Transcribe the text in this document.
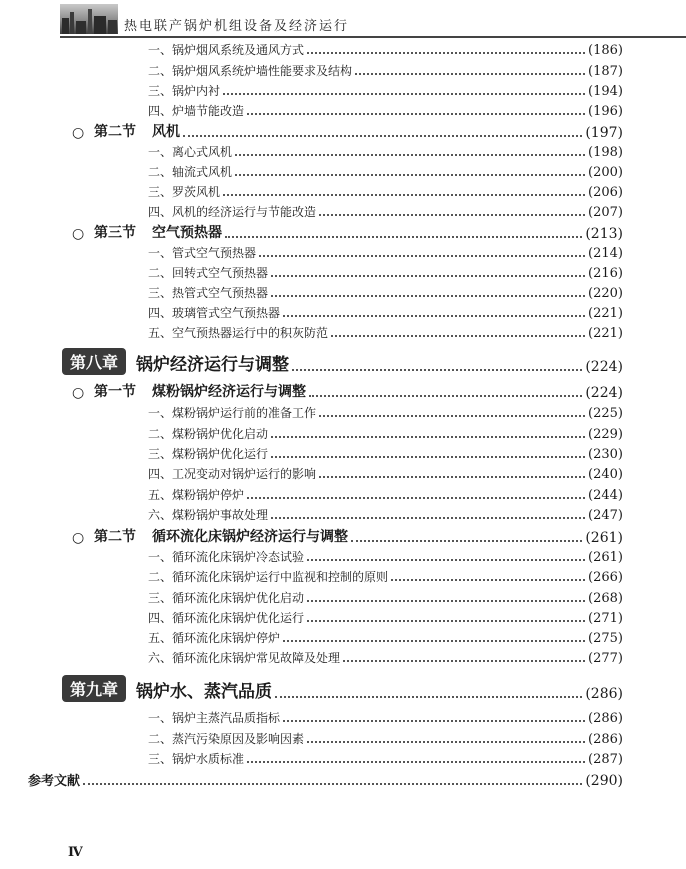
热电联产锅炉机组设备及经济运行
一、锅炉烟风系统及通风方式	(186)
二、锅炉烟风系统炉墙性能要求及结构	(187)
三、锅炉内衬	(194)
四、炉墙节能改造	(196)
○ 第二节	风机	(197)
一、离心式风机	(198)
二、轴流式风机	(200)
三、罗茨风机	(206)
四、风机的经济运行与节能改造	(207)
○ 第三节	空气预热器	(213)
一、管式空气预热器	(214)
二、回转式空气预热器	(216)
三、热管式空气预热器	(220)
四、玻璃管式空气预热器	(221)
五、空气预热器运行中的积灰防范	(221)
第八章	锅炉经济运行与调整	(224)
○ 第一节	煤粉锅炉经济运行与调整	(224)
一、煤粉锅炉运行前的准备工作	(225)
二、煤粉锅炉优化启动	(229)
三、煤粉锅炉优化运行	(230)
四、工况变动对锅炉运行的影响	(240)
五、煤粉锅炉停炉	(244)
六、煤粉锅炉事故处理	(247)
○ 第二节	循环流化床锅炉经济运行与调整	(261)
一、循环流化床锅炉冷态试验	(261)
二、循环流化床锅炉运行中监视和控制的原则	(266)
三、循环流化床锅炉优化启动	(268)
四、循环流化床锅炉优化运行	(271)
五、循环流化床锅炉停炉	(275)
六、循环流化床锅炉常见故障及处理	(277)
第九章	锅炉水、蒸汽品质	(286)
一、锅炉主蒸汽品质指标	(286)
二、蒸汽污染原因及影响因素	(286)
三、锅炉水质标准	(287)
参考文献	(290)
Ⅳ
